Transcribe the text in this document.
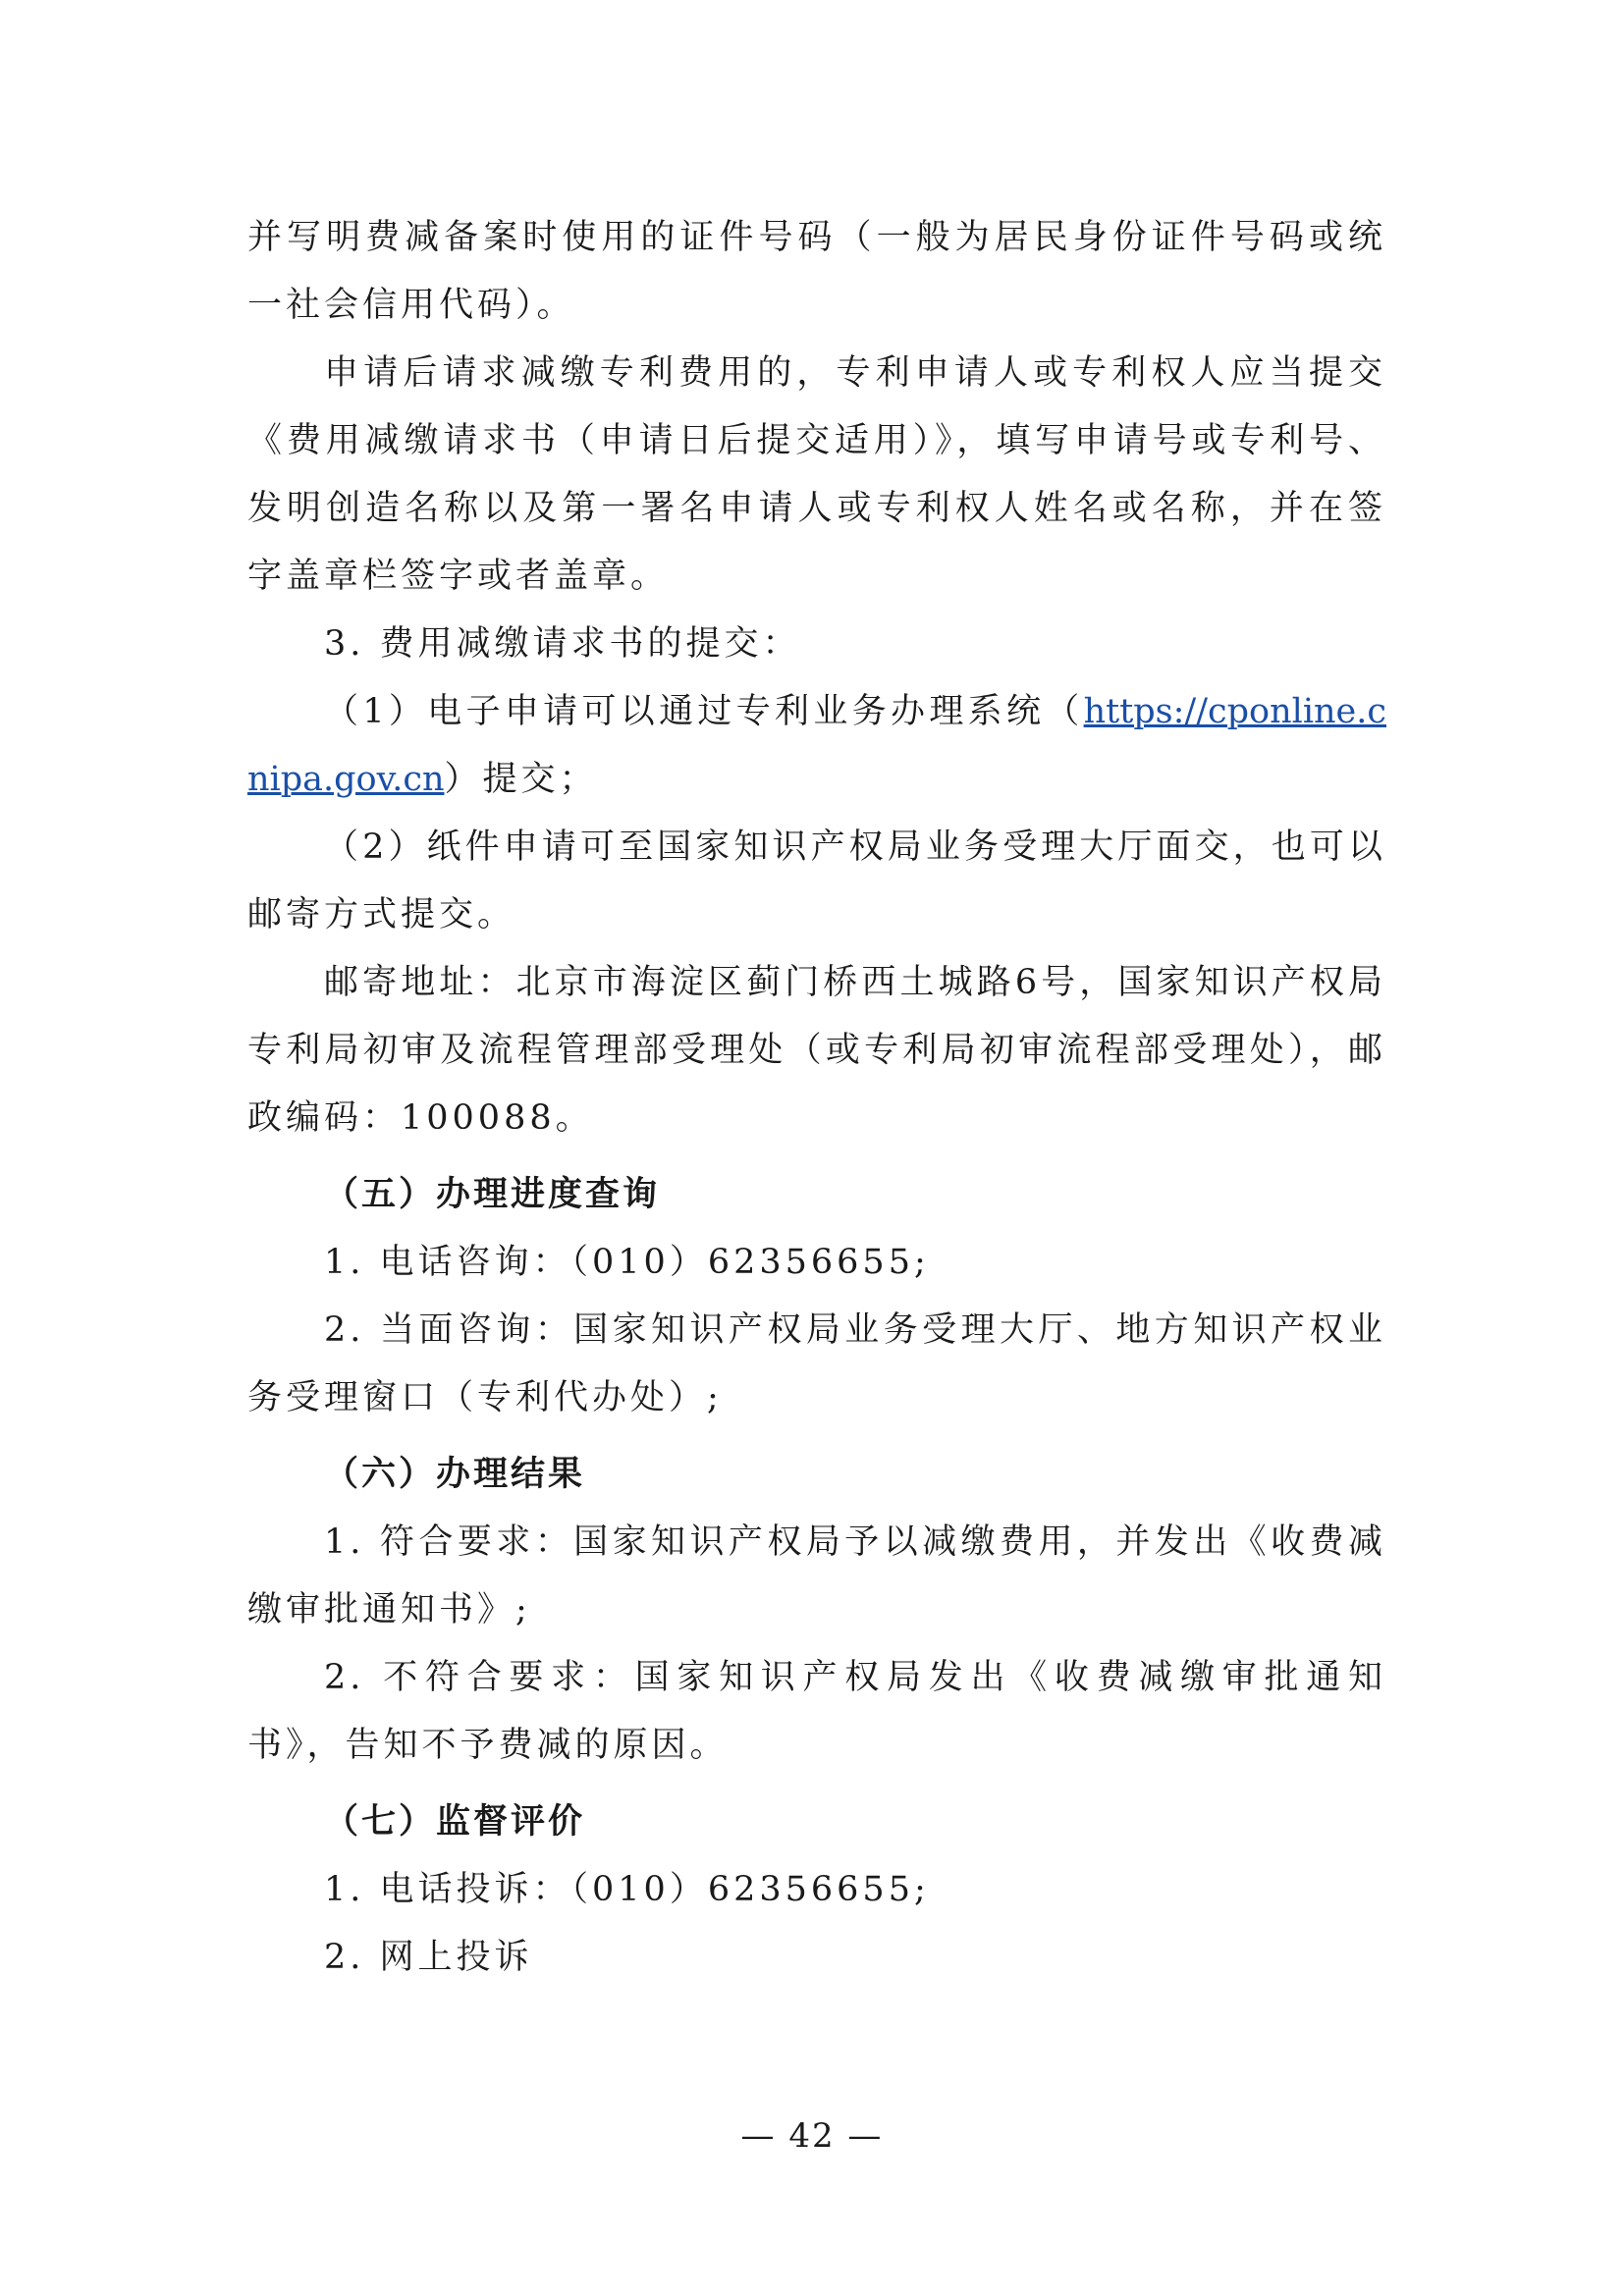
并写明费减备案时使用的证件号码（一般为居民身份证件号码或统一社会信用代码）。

申请后请求减缴专利费用的，专利申请人或专利权人应当提交《费用减缴请求书（申请日后提交适用）》，填写申请号或专利号、发明创造名称以及第一署名申请人或专利权人姓名或名称，并在签字盖章栏签字或者盖章。

3. 费用减缴请求书的提交：

（1）电子申请可以通过专利业务办理系统（https://cponline.cnipa.gov.cn）提交；

（2）纸件申请可至国家知识产权局业务受理大厅面交，也可以邮寄方式提交。

邮寄地址：北京市海淀区蓟门桥西土城路6号，国家知识产权局专利局初审及流程管理部受理处（或专利局初审流程部受理处），邮政编码：100088。

（五）办理进度查询

1. 电话咨询：（010）62356655;

2. 当面咨询：国家知识产权局业务受理大厅、地方知识产权业务受理窗口（专利代办处）;

（六）办理结果

1. 符合要求：国家知识产权局予以减缴费用，并发出《收费减缴审批通知书》;

2. 不符合要求：国家知识产权局发出《收费减缴审批通知书》，告知不予费减的原因。

（七）监督评价

1. 电话投诉：（010）62356655;

2. 网上投诉

— 42 —
